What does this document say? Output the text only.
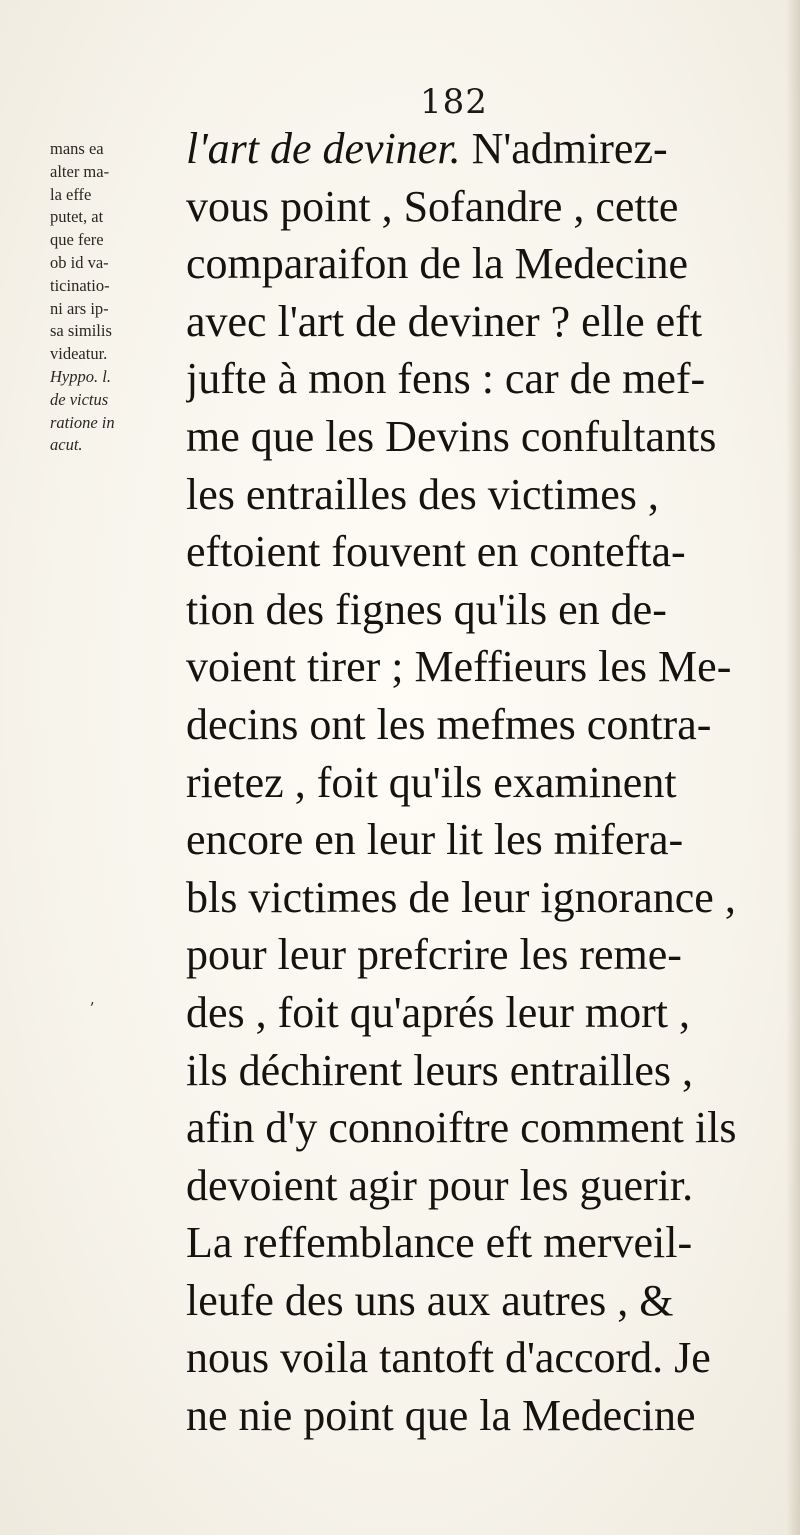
182
mans ea
alter ma-
la effe
putet, at
que fere
ob id va-
ticinatio-
ni ars ip-
sa similis
videatur.
Hyppo. l.
de victus
ratione in
acut.
ʼ
l'art de deviner. N'admirez-
vous point , Sofandre , cette
comparaifon de la Medecine
avec l'art de deviner ? elle eft
jufte à mon fens : car de mef-
me que les Devins confultants
les entrailles des victimes ,
eftoient fouvent en contefta-
tion des fignes qu'ils en de-
voient tirer ; Meffieurs les Me-
decins ont les mefmes contra-
rietez , foit qu'ils examinent
encore en leur lit les mifera-
bls victimes de leur ignorance ,
pour leur prefcrire les reme-
des , foit qu'aprés leur mort ,
ils déchirent leurs entrailles ,
afin d'y connoiftre comment ils
devoient agir pour les guerir.
La reffemblance eft merveil-
leufe des uns aux autres , &
nous voila tantoft d'accord. Je
ne nie point que la Medecine
